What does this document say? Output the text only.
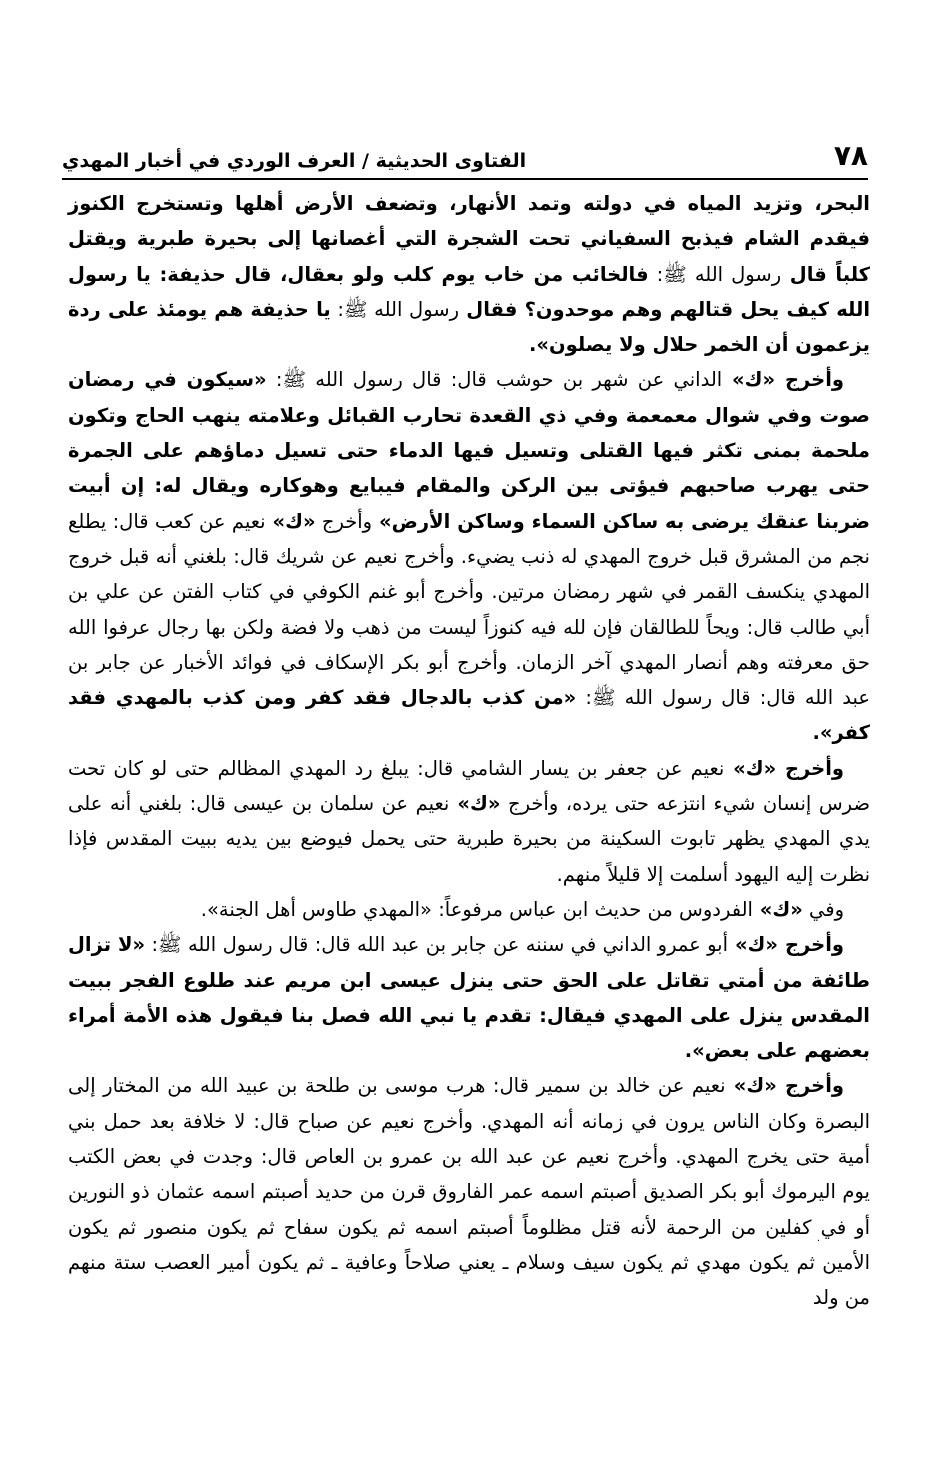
٧٨
الفتاوى الحديثية / العرف الوردي في أخبار المهدي

البحر، وتزيد المياه في دولته وتمد الأنهار، وتضعف الأرض أهلها وتستخرج الكنوز فيقدم الشام فيذبح السفياني تحت الشجرة التي أغصانها إلى بحيرة طبرية ويقتل كلباً قال رسول الله ﷺ: فالخائب من خاب يوم كلب ولو بعقال، قال حذيفة: يا رسول الله كيف يحل قتالهم وهم موحدون؟ فقال رسول الله ﷺ: يا حذيفة هم يومئذ على ردة يزعمون أن الخمر حلال ولا يصلون».

وأخرج «ك» الداني عن شهر بن حوشب قال: قال رسول الله ﷺ: «سيكون في رمضان صوت وفي شوال معمعمة وفي ذي القعدة تحارب القبائل وعلامته ينهب الحاج وتكون ملحمة بمنى تكثر فيها القتلى وتسيل فيها الدماء حتى تسيل دماؤهم على الجمرة حتى يهرب صاحبهم فيؤتى بين الركن والمقام فيبايع وهوكاره ويقال له: إن أبيت ضربنا عنقك يرضى به ساكن السماء وساكن الأرض» وأخرج «ك» نعيم عن كعب قال: يطلع نجم من المشرق قبل خروج المهدي له ذنب يضيء. وأخرج نعيم عن شريك قال: بلغني أنه قبل خروج المهدي ينكسف القمر في شهر رمضان مرتين. وأخرج أبو غنم الكوفي في كتاب الفتن عن علي بن أبي طالب قال: ويحاً للطالقان فإن لله فيه كنوزاً ليست من ذهب ولا فضة ولكن بها رجال عرفوا الله حق معرفته وهم أنصار المهدي آخر الزمان. وأخرج أبو بكر الإسكاف في فوائد الأخبار عن جابر بن عبد الله قال: قال رسول الله ﷺ: «من كذب بالدجال فقد كفر ومن كذب بالمهدي فقد كفر».

وأخرج «ك» نعيم عن جعفر بن يسار الشامي قال: يبلغ رد المهدي المظالم حتى لو كان تحت ضرس إنسان شيء انتزعه حتى يرده، وأخرج «ك» نعيم عن سلمان بن عيسى قال: بلغني أنه على يدي المهدي يظهر تابوت السكينة من بحيرة طبرية حتى يحمل فيوضع بين يديه ببيت المقدس فإذا نظرت إليه اليهود أسلمت إلا قليلاً منهم.

وفي «ك» الفردوس من حديث ابن عباس مرفوعاً: «المهدي طاوس أهل الجنة».

وأخرج «ك» أبو عمرو الداني في سننه عن جابر بن عبد الله قال: قال رسول الله ﷺ: «لا تزال طائفة من أمتي تقاتل على الحق حتى ينزل عيسى ابن مريم عند طلوع الفجر ببيت المقدس ينزل على المهدي فيقال: تقدم يا نبي الله فصل بنا فيقول هذه الأمة أمراء بعضهم على بعض».

وأخرج «ك» نعيم عن خالد بن سمير قال: هرب موسى بن طلحة بن عبيد الله من المختار إلى البصرة وكان الناس يرون في زمانه أنه المهدي. وأخرج نعيم عن صباح قال: لا خلافة بعد حمل بني أمية حتى يخرج المهدي. وأخرج نعيم عن عبد الله بن عمرو بن العاص قال: وجدت في بعض الكتب يوم اليرموك أبو بكر الصديق أصبتم اسمه عمر الفاروق قرن من حديد أصبتم اسمه عثمان ذو النورين أو في كفلين من الرحمة لأنه قتل مظلوماً أصبتم اسمه ثم يكون سفاح ثم يكون منصور ثم يكون الأمين ثم يكون مهدي ثم يكون سيف وسلام ـ يعني صلاحاً وعافية ـ ثم يكون أمير العصب ستة منهم من ولد

·
